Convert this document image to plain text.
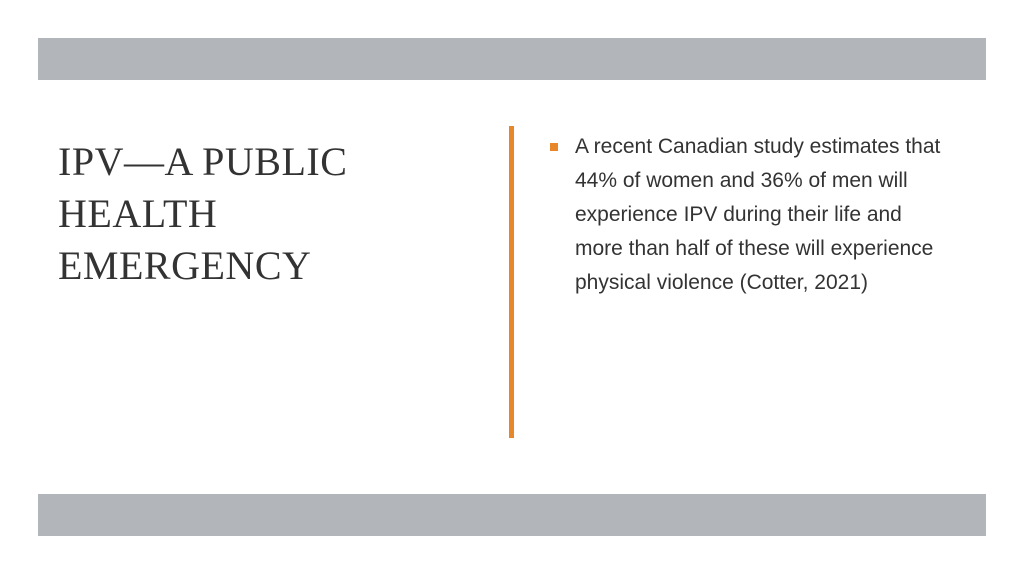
IPV—A PUBLIC HEALTH EMERGENCY
A recent Canadian study estimates that 44% of women and 36% of men will experience IPV during their life and more than half of these will experience physical violence (Cotter, 2021)
